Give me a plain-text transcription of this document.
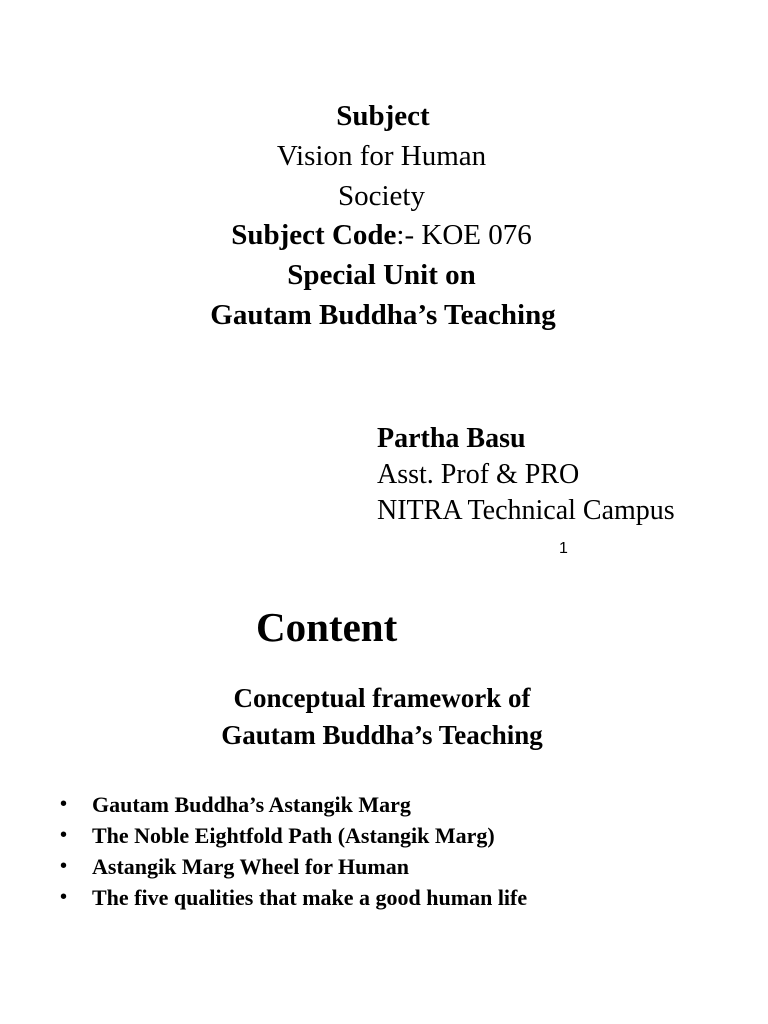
Subject
Vision for Human
Society
Subject Code:- KOE 076
Special Unit on
Gautam Buddha’s Teaching
Partha Basu
Asst. Prof & PRO
NITRA Technical Campus
1
Content
Conceptual framework of
Gautam Buddha’s Teaching
• Gautam Buddha’s Astangik Marg
• The Noble Eightfold Path (Astangik Marg)
• Astangik Marg Wheel for Human
• The five qualities that make a good human life
